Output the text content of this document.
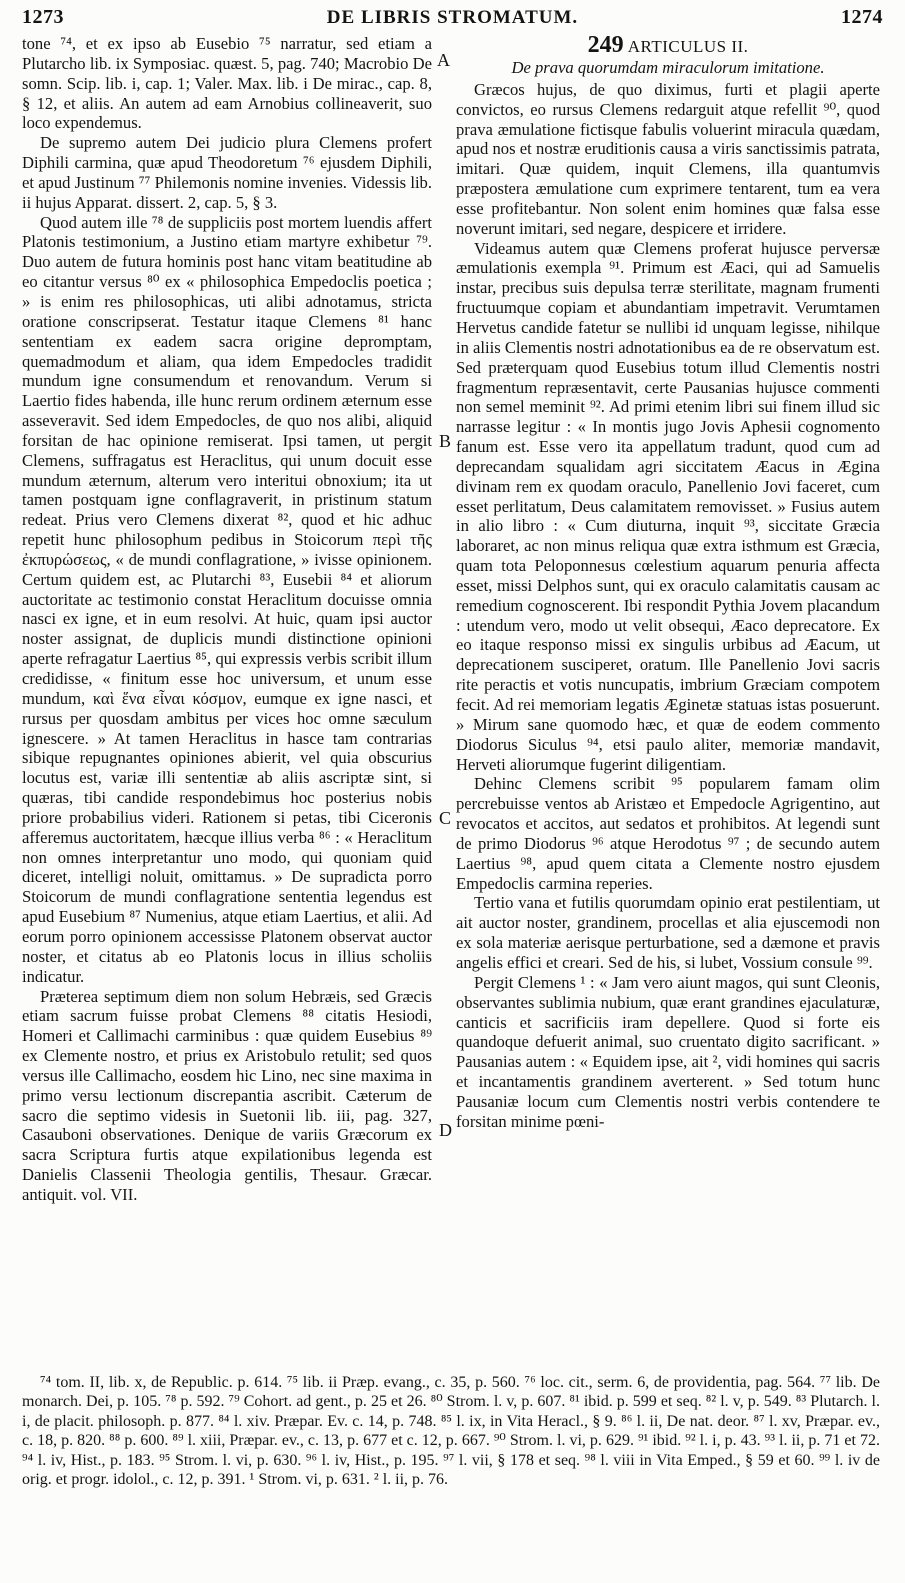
1273	DE LIBRIS STROMATUM.	1274

tone ⁷⁴, et ex ipso ab Eusebio ⁷⁵ narratur, sed etiam a Plutarcho lib. ix Symposiac. quæst. 5, pag. 740; Macrobio De somn. Scip. lib. i, cap. 1; Valer. Max. lib. i De mirac., cap. 8, § 12, et aliis. An autem ad eam Arnobius collineaverit, suo loco expendemus.

De supremo autem Dei judicio plura Clemens profert Diphili carmina, quæ apud Theodoretum ⁷⁶ ejusdem Diphili, et apud Justinum ⁷⁷ Philemonis nomine invenies. Videssis lib. ii hujus Apparat. dissert. 2, cap. 5, § 3.

Quod autem ille ⁷⁸ de suppliciis post mortem luendis affert Platonis testimonium, a Justino etiam martyre exhibetur ⁷⁹. Duo autem de futura hominis post hanc vitam beatitudine ab eo citantur versus ⁸⁰ ex « philosophica Empedoclis poetica ; » is enim res philosophicas, uti alibi adnotamus, stricta oratione conscripserat. Testatur itaque Clemens ⁸¹ hanc sententiam ex eadem sacra origine depromptam, quemadmodum et aliam, qua idem Empedocles tradidit mundum igne consumendum et renovandum. Verum si Laertio fides habenda, ille hunc rerum ordinem æternum esse asseveravit. Sed idem Empedocles, de quo nos alibi, aliquid forsitan de hac opinione remiserat. Ipsi tamen, ut pergit Clemens, suffragatus est Heraclitus, qui unum docuit esse mundum æternum, alterum vero interitui obnoxium; ita ut tamen postquam igne conflagraverit, in pristinum statum redeat. Prius vero Clemens dixerat ⁸², quod et hic adhuc repetit hunc philosophum pedibus in Stoicorum περὶ τῆς ἐκπυρώσεως, « de mundi conflagratione, » ivisse opinionem. Certum quidem est, ac Plutarchi ⁸³, Eusebii ⁸⁴ et aliorum auctoritate ac testimonio constat Heraclitum docuisse omnia nasci ex igne, et in eum resolvi. At huic, quam ipsi auctor noster assignat, de duplicis mundi distinctione opinioni aperte refragatur Laertius ⁸⁵, qui expressis verbis scribit illum credidisse, « finitum esse hoc universum, et unum esse mundum, καὶ ἕνα εἶναι κόσμον, eumque ex igne nasci, et rursus per quosdam ambitus per vices hoc omne sæculum ignescere. » At tamen Heraclitus in hasce tam contrarias sibique repugnantes opiniones abierit, vel quia obscurius locutus est, variæ illi sententiæ ab aliis ascriptæ sint, si quæras, tibi candide respondebimus hoc posterius nobis priore probabilius videri. Rationem si petas, tibi Ciceronis afferemus auctoritatem, hæcque illius verba ⁸⁶ : « Heraclitum non omnes interpretantur uno modo, qui quoniam quid diceret, intelligi noluit, omittamus. » De supradicta porro Stoicorum de mundi conflagratione sententia legendus est apud Eusebium ⁸⁷ Numenius, atque etiam Laertius, et alii. Ad eorum porro opinionem accessisse Platonem observat auctor noster, et citatus ab eo Platonis locus in illius scholiis indicatur.

Præterea septimum diem non solum Hebræis, sed Græcis etiam sacrum fuisse probat Clemens ⁸⁸ citatis Hesiodi, Homeri et Callimachi carminibus : quæ quidem Eusebius ⁸⁹ ex Clemente nostro, et prius ex Aristobulo retulit; sed quos versus ille Callimacho, eosdem hic Lino, nec sine maxima in primo versu lectionum discrepantia ascribit. Cæterum de sacro die septimo videsis in Suetonii lib. iii, pag. 327, Casauboni observationes. Denique de variis Græcorum ex sacra Scriptura furtis atque expilationibus legenda est Danielis Classenii Theologia gentilis, Thesaur. Græcar. antiquit. vol. VII.

A
B
C
D
249 ARTICULUS II.
De prava quorumdam miraculorum imitatione.

Græcos hujus, de quo diximus, furti et plagii aperte convictos, eo rursus Clemens redarguit atque refellit ⁹⁰, quod prava æmulatione fictisque fabulis voluerint miracula quædam, apud nos et nostræ eruditionis causa a viris sanctissimis patrata, imitari. Quæ quidem, inquit Clemens, illa quantumvis præpostera æmulatione cum exprimere tentarent, tum ea vera esse profitebantur. Non solent enim homines quæ falsa esse noverunt imitari, sed negare, despicere et irridere.

Videamus autem quæ Clemens proferat hujusce perversæ æmulationis exempla ⁹¹. Primum est Æaci, qui ad Samuelis instar, precibus suis depulsa terræ sterilitate, magnam frumenti fructuumque copiam et abundantiam impetravit. Verumtamen Hervetus candide fatetur se nullibi id unquam legisse, nihilque in aliis Clementis nostri adnotationibus ea de re observatum est. Sed præterquam quod Eusebius totum illud Clementis nostri fragmentum repræsentavit, certe Pausanias hujusce commenti non semel meminit ⁹². Ad primi etenim libri sui finem illud sic narrasse legitur : « In montis jugo Jovis Aphesii cognomento fanum est. Esse vero ita appellatum tradunt, quod cum ad deprecandam squalidam agri siccitatem Æacus in Ægina divinam rem ex quodam oraculo, Panellenio Jovi faceret, cum esset perlitatum, Deus calamitatem removisset. » Fusius autem in alio libro : « Cum diuturna, inquit ⁹³, siccitate Græcia laboraret, ac non minus reliqua quæ extra isthmum est Græcia, quam tota Peloponnesus cœlestium aquarum penuria affecta esset, missi Delphos sunt, qui ex oraculo calamitatis causam ac remedium cognoscerent. Ibi respondit Pythia Jovem placandum : utendum vero, modo ut velit obsequi, Æaco deprecatore. Ex eo itaque responso missi ex singulis urbibus ad Æacum, ut deprecationem susciperet, oratum. Ille Panellenio Jovi sacris rite peractis et votis nuncupatis, imbrium Græciam compotem fecit. Ad rei memoriam legatis Æginetæ statuas istas posuerunt. » Mirum sane quomodo hæc, et quæ de eodem commento Diodorus Siculus ⁹⁴, etsi paulo aliter, memoriæ mandavit, Herveti aliorumque fugerint diligentiam.

Dehinc Clemens scribit ⁹⁵ popularem famam olim percrebuisse ventos ab Aristæo et Empedocle Agrigentino, aut revocatos et accitos, aut sedatos et prohibitos. At legendi sunt de primo Diodorus ⁹⁶ atque Herodotus ⁹⁷ ; de secundo autem Laertius ⁹⁸, apud quem citata a Clemente nostro ejusdem Empedoclis carmina reperies.

Tertio vana et futilis quorumdam opinio erat pestilentiam, ut ait auctor noster, grandinem, procellas et alia ejuscemodi non ex sola materiæ aerisque perturbatione, sed a dæmone et pravis angelis effici et creari. Sed de his, si lubet, Vossium consule ⁹⁹.

Pergit Clemens ¹ : « Jam vero aiunt magos, qui sunt Cleonis, observantes sublimia nubium, quæ erant grandines ejaculaturæ, canticis et sacrificiis iram depellere. Quod si forte eis quandoque defuerit animal, suo cruentato digito sacrificant. » Pausanias autem : « Equidem ipse, ait ², vidi homines qui sacris et incantamentis grandinem averterent. » Sed totum hunc Pausaniæ locum cum Clementis nostri verbis contendere te forsitan minime pœni-

⁷⁴ tom. II, lib. x, de Republic. p. 614. ⁷⁵ lib. ii Præp. evang., c. 35, p. 560. ⁷⁶ loc. cit., serm. 6, de providentia, pag. 564. ⁷⁷ lib. De monarch. Dei, p. 105. ⁷⁸ p. 592. ⁷⁹ Cohort. ad gent., p. 25 et 26. ⁸⁰ Strom. l. v, p. 607. ⁸¹ ibid. p. 599 et seq. ⁸² l. v, p. 549. ⁸³ Plutarch. l. i, de placit. philosoph. p. 877. ⁸⁴ l. xiv. Præpar. Ev. c. 14, p. 748. ⁸⁵ l. ix, in Vita Heracl., § 9. ⁸⁶ l. ii, De nat. deor. ⁸⁷ l. xv, Præpar. ev., c. 18, p. 820. ⁸⁸ p. 600. ⁸⁹ l. xiii, Præpar. ev., c. 13, p. 677 et c. 12, p. 667. ⁹⁰ Strom. l. vi, p. 629. ⁹¹ ibid. ⁹² l. i, p. 43. ⁹³ l. ii, p. 71 et 72. ⁹⁴ l. iv, Hist., p. 183. ⁹⁵ Strom. l. vi, p. 630. ⁹⁶ l. iv, Hist., p. 195. ⁹⁷ l. vii, § 178 et seq. ⁹⁸ l. viii in Vita Emped., § 59 et 60. ⁹⁹ l. iv de orig. et progr. idolol., c. 12, p. 391. ¹ Strom. vi, p. 631. ² l. ii, p. 76.
